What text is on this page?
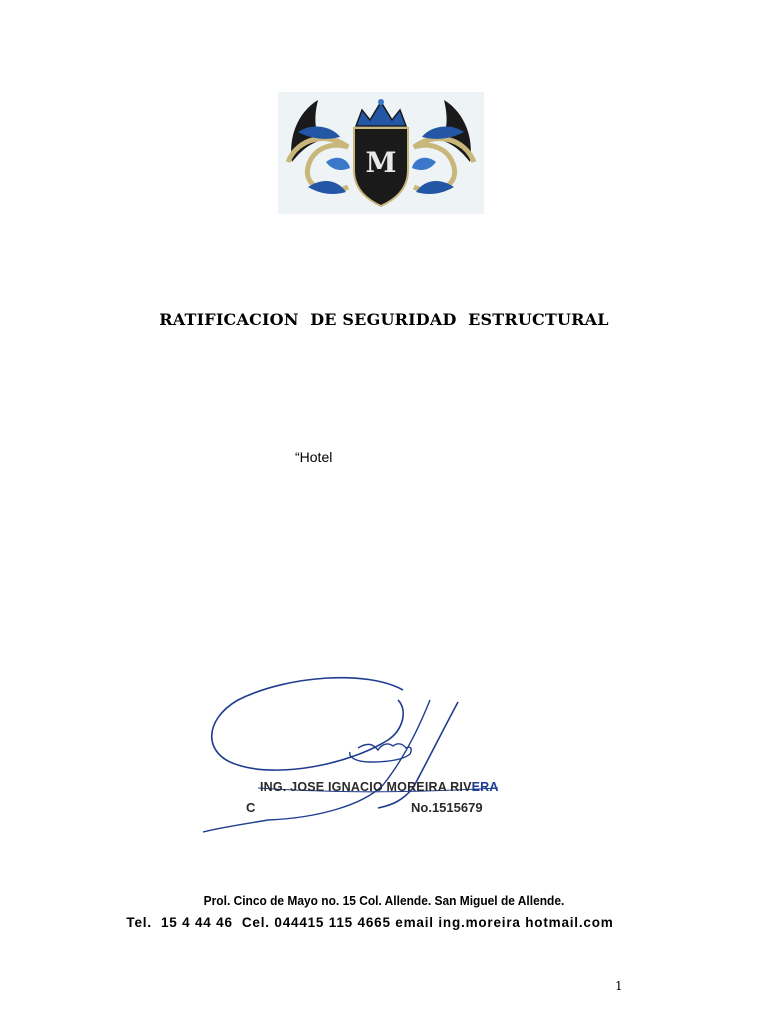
M
RATIFICACION  DE SEGURIDAD  ESTRUCTURAL
“Hotel
ING. JOSE IGNACIO MOREIRA RIVERA
C	No.1515679
Prol. Cinco de Mayo no. 15 Col. Allende. San Miguel de Allende.
Tel.  15 4 44 46  Cel. 044415 115 4665 email ing.moreira hotmail.com
1
